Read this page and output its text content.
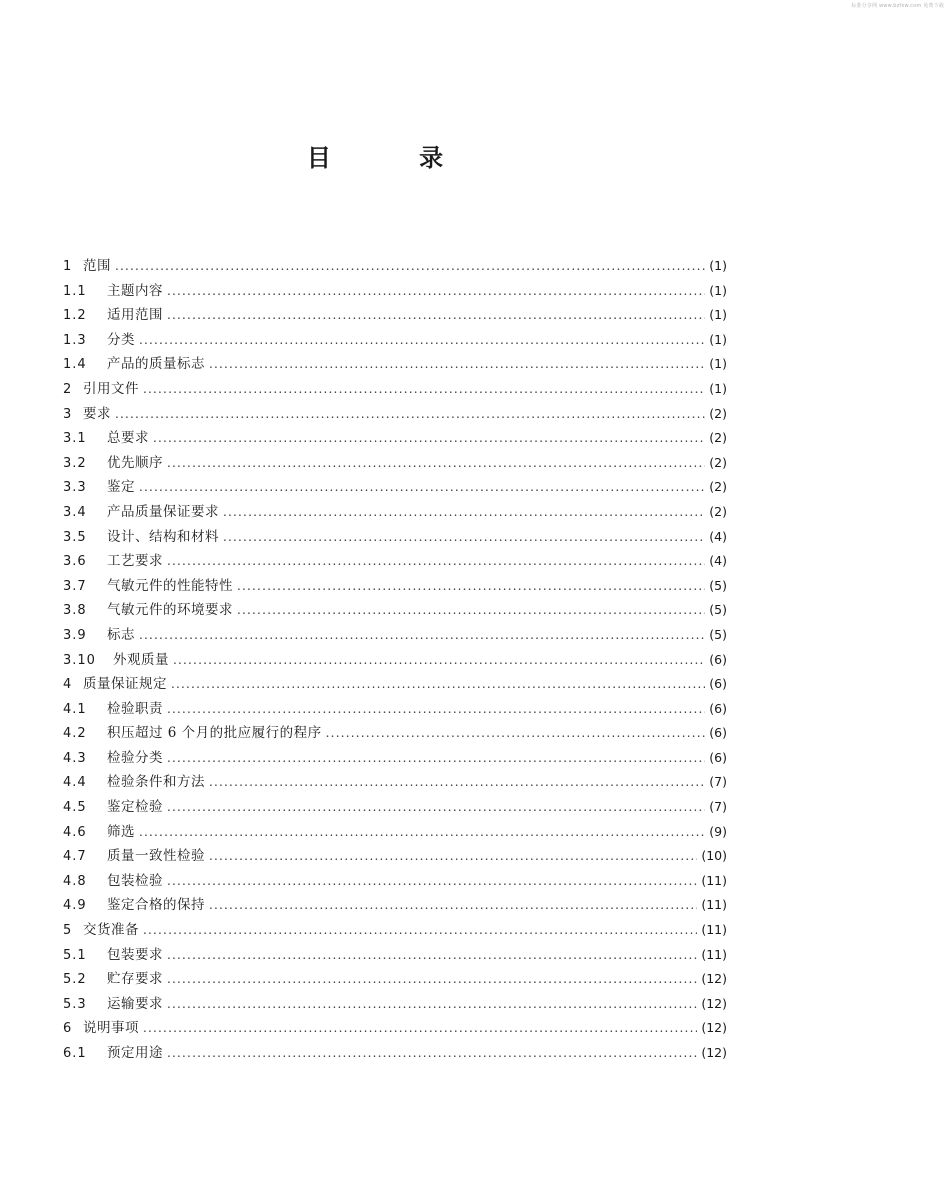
标准分享网 www.bzfxw.com 免费下载
目 录
1 范围 .....	(1)
1.1	主题内容 .....	(1)
1.2	适用范围 .....	(1)
1.3	分类 .....	(1)
1.4	产品的质量标志 .....	(1)
2 引用文件 .....	(1)
3 要求 .....	(2)
3.1	总要求 .....	(2)
3.2	优先顺序 .....	(2)
3.3	鉴定 .....	(2)
3.4	产品质量保证要求 .....	(2)
3.5	设计、结构和材料 .....	(4)
3.6	工艺要求 .....	(4)
3.7	气敏元件的性能特性 .....	(5)
3.8	气敏元件的环境要求 .....	(5)
3.9	标志 .....	(5)
3.10	外观质量 .....	(6)
4 质量保证规定 .....	(6)
4.1	检验职责 .....	(6)
4.2	积压超过 6 个月的批应履行的程序 .....	(6)
4.3	检验分类 .....	(6)
4.4	检验条件和方法 .....	(7)
4.5	鉴定检验 .....	(7)
4.6	筛选 .....	(9)
4.7	质量一致性检验 .....	(10)
4.8	包装检验 .....	(11)
4.9	鉴定合格的保持 .....	(11)
5 交货准备 .....	(11)
5.1	包装要求 .....	(11)
5.2	贮存要求 .....	(12)
5.3	运输要求 .....	(12)
6 说明事项 .....	(12)
6.1	预定用途 .....	(12)
